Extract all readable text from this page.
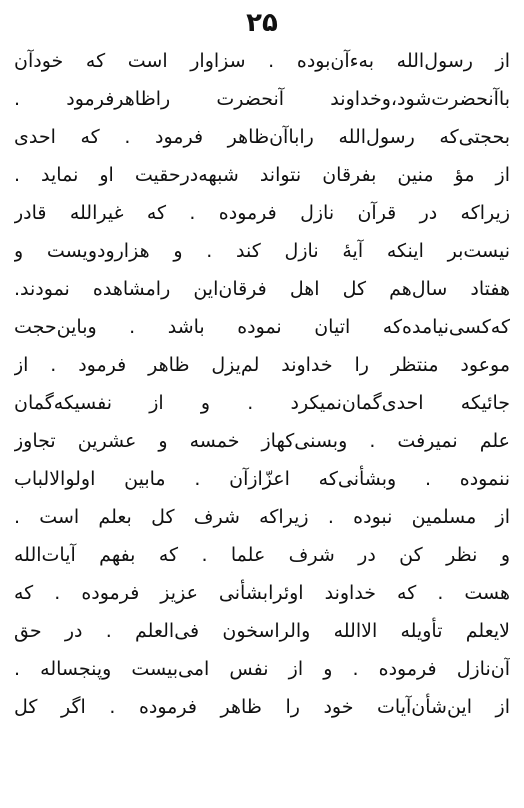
۲۵
از رسول‌الله به‌ءآن‌بوده . سزاوار است که خودآن
باآنحضرت‌شود،وخداوند آنحضرت راظاهرفرمود .
بحجتی‌که رسول‌الله راباآن‌ظاهر فرمود . که احدی
از مؤ منین بفرقان نتواند شبهه‌درحقیت او نماید .
زیراکه در قرآن نازل فرموده . که غیرالله قادر
نیست‌بر اینکه آیهٔ نازل کند . و هزارودویست و
هفتاد سال‌هم کل اهل فرقان‌این رامشاهده نمودند.
که‌کسی‌نیامده‌که اتیان نموده باشد . وباین‌حجت
موعود منتظر را خداوند لم‌یزل ظاهر فرمود . از
جائیکه احدی‌گمان‌نمیکرد . و از نفسیکه‌گمان
علم نمیرفت . وبسنی‌کهاز خمسه و عشرین تجاوز
ننموده . وبشأنی‌که اعزّازآن . مابین اولوالالباب
از مسلمین نبوده . زیراکه شرف کل بعلم است .
و نظر کن در شرف علما . که بفهم آیات‌الله
هست . که خداوند اوئرابشأنی عزیز فرموده . که
لایعلم تأویله الاالله والراسخون فی‌العلم . در حق
آن‌نازل فرموده . و از نفس امی‌بیست وپنجساله .
از این‌شأن‌آیات خود را ظاهر فرموده . اگر کل
